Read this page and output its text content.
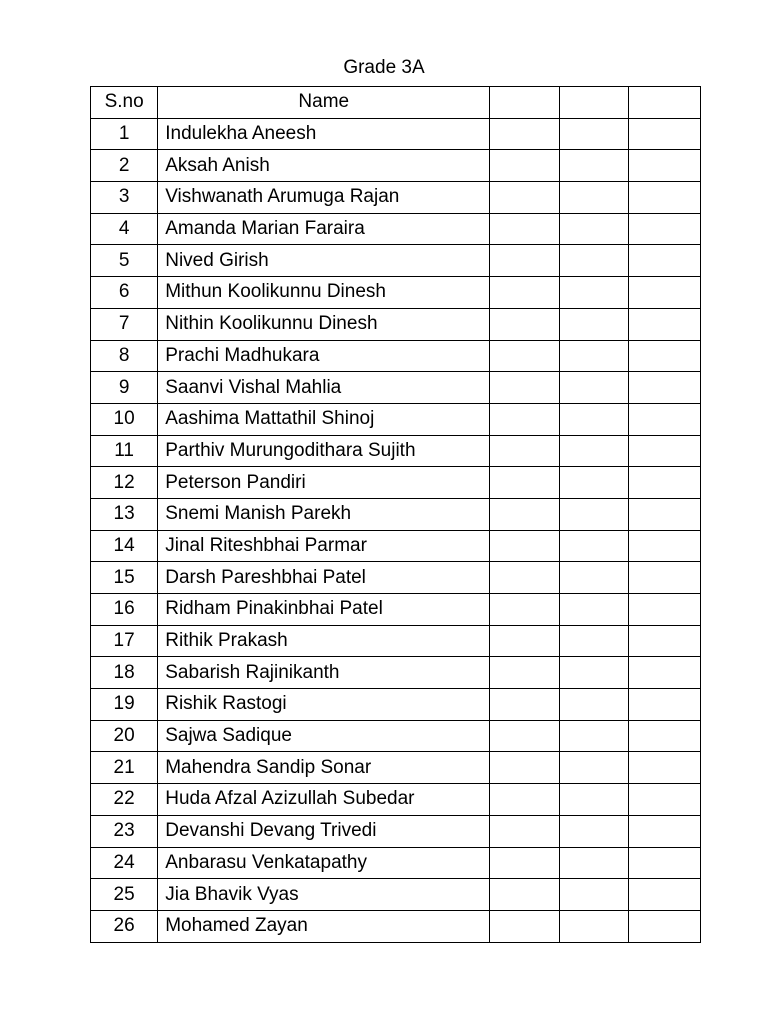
Grade 3A
S.no	Name			
1	Indulekha Aneesh			
2	Aksah Anish			
3	Vishwanath Arumuga Rajan			
4	Amanda Marian Faraira			
5	Nived Girish			
6	Mithun Koolikunnu Dinesh			
7	Nithin Koolikunnu Dinesh			
8	Prachi Madhukara			
9	Saanvi Vishal Mahlia			
10	Aashima Mattathil Shinoj			
11	Parthiv Murungodithara Sujith			
12	Peterson Pandiri			
13	Snemi Manish Parekh			
14	Jinal Riteshbhai Parmar			
15	Darsh Pareshbhai Patel			
16	Ridham Pinakinbhai Patel			
17	Rithik Prakash			
18	Sabarish Rajinikanth			
19	Rishik Rastogi			
20	Sajwa Sadique			
21	Mahendra Sandip Sonar			
22	Huda Afzal Azizullah Subedar			
23	Devanshi Devang Trivedi			
24	Anbarasu Venkatapathy			
25	Jia Bhavik Vyas			
26	Mohamed Zayan			
